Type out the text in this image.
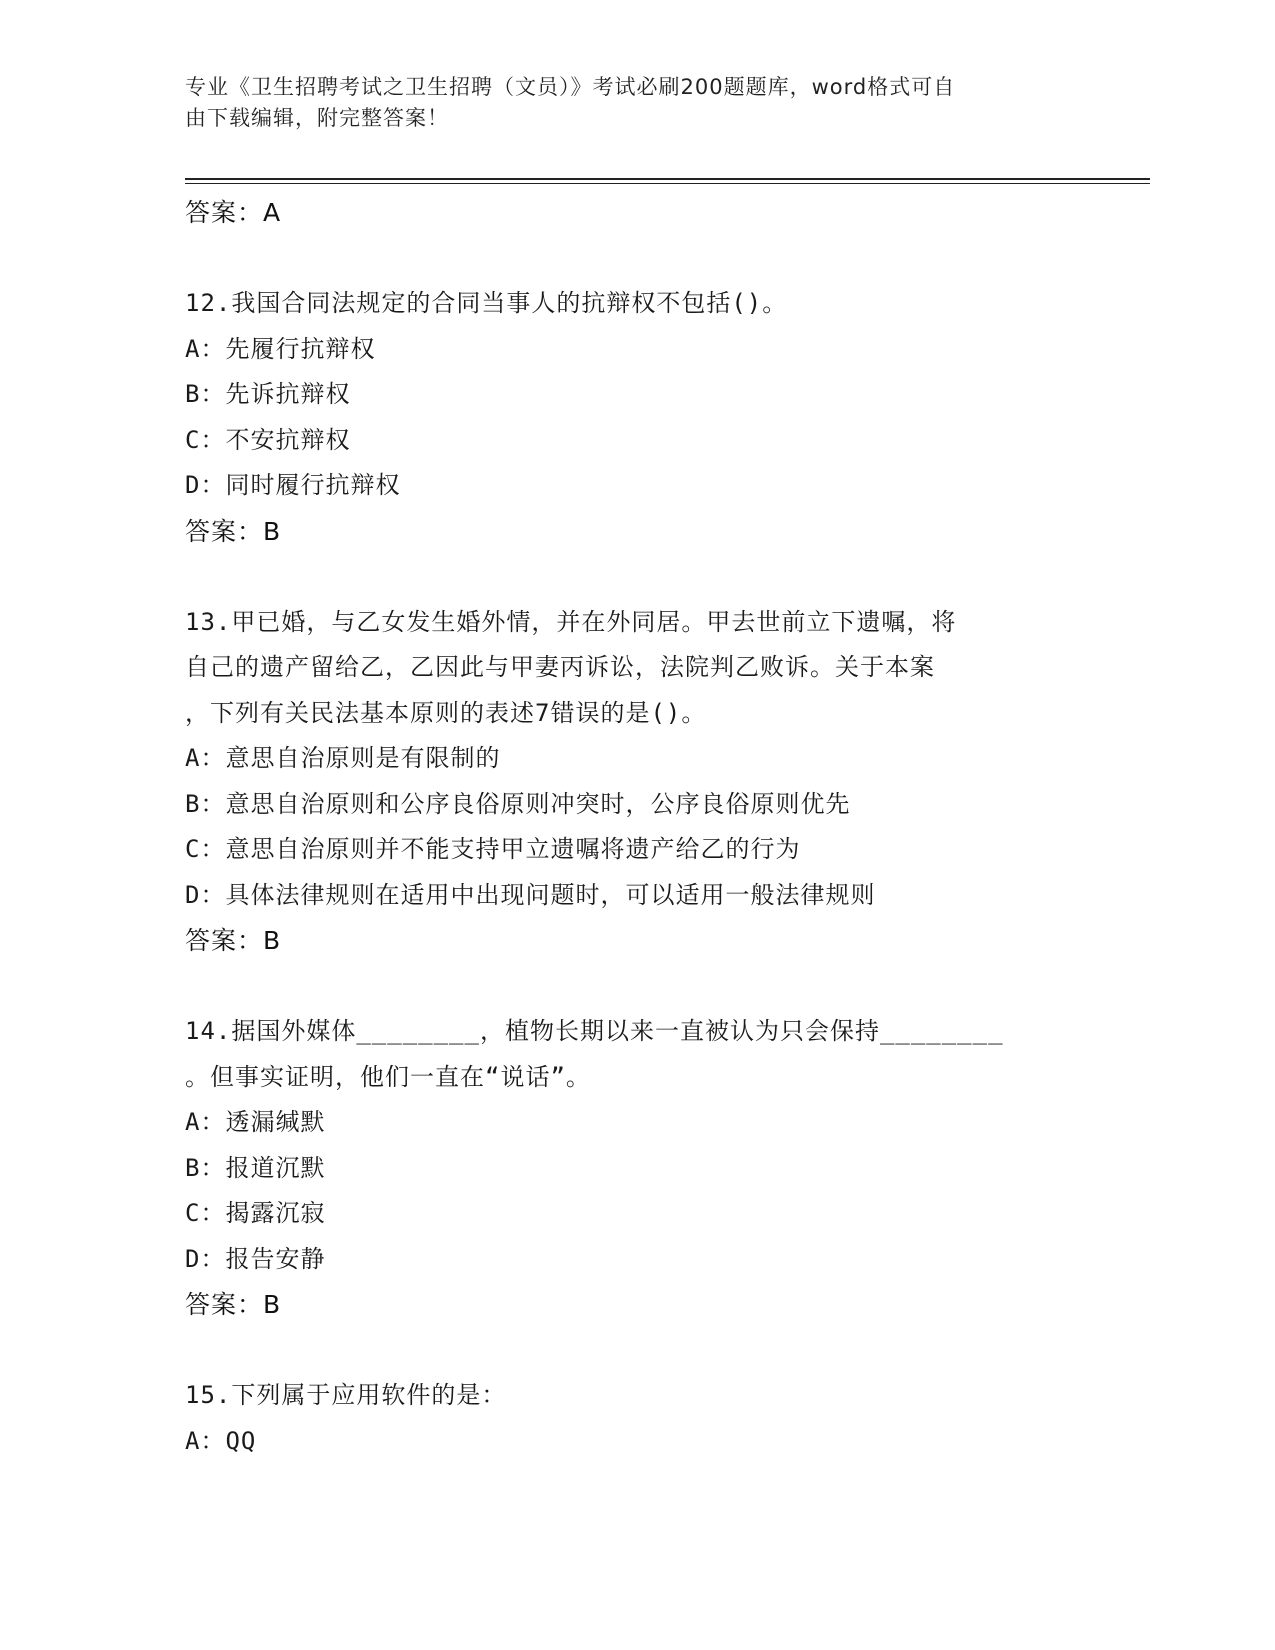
专业《卫生招聘考试之卫生招聘（文员）》考试必刷200题题库，word格式可自
由下载编辑，附完整答案！
答案：A
12.我国合同法规定的合同当事人的抗辩权不包括()。
A：先履行抗辩权
B：先诉抗辩权
C：不安抗辩权
D：同时履行抗辩权
答案：B
13.甲已婚，与乙女发生婚外情，并在外同居。甲去世前立下遗嘱，将
自己的遗产留给乙，乙因此与甲妻丙诉讼，法院判乙败诉。关于本案
，下列有关民法基本原则的表述7错误的是()。
A：意思自治原则是有限制的
B：意思自治原则和公序良俗原则冲突时，公序良俗原则优先
C：意思自治原则并不能支持甲立遗嘱将遗产给乙的行为
D：具体法律规则在适用中出现问题时，可以适用一般法律规则
答案：B
14.据国外媒体________，植物长期以来一直被认为只会保持________
。但事实证明，他们一直在“说话”。
A：透漏缄默
B：报道沉默
C：揭露沉寂
D：报告安静
答案：B
15.下列属于应用软件的是：
A：QQ
